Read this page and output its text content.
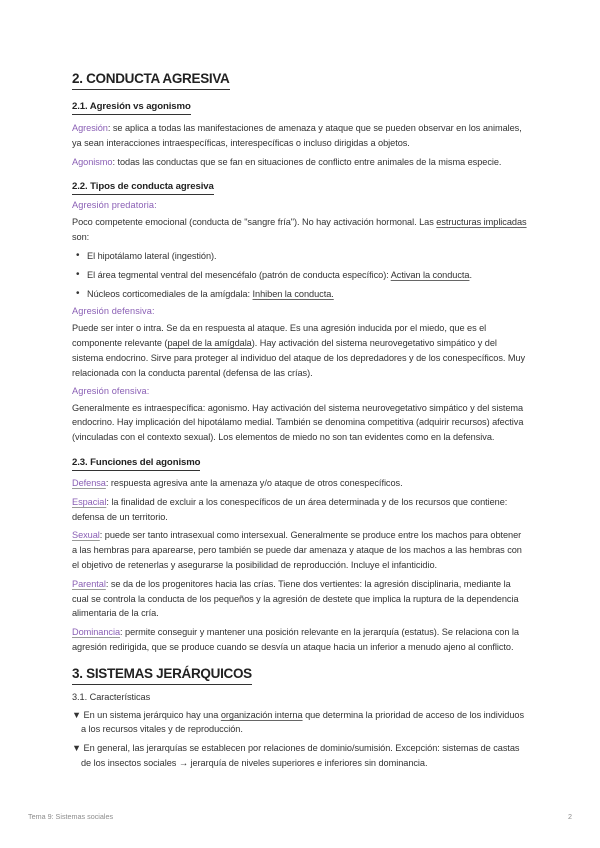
2. CONDUCTA AGRESIVA
2.1. Agresión vs agonismo

Agresión: se aplica a todas las manifestaciones de amenaza y ataque que se pueden observar en los animales, ya sean interacciones intraespecíficas, interespecíficas o incluso dirigidas a objetos.

Agonismo: todas las conductas que se fan en situaciones de conflicto entre animales de la misma especie.

2.2. Tipos de conducta agresiva
Agresión predatoria:

Poco competente emocional (conducta de "sangre fría"). No hay activación hormonal. Las estructuras implicadas son:

• El hipotálamo lateral (ingestión).
• El área tegmental ventral del mesencéfalo (patrón de conducta específico): Activan la conducta.
• Núcleos corticomediales de la amígdala: Inhiben la conducta.
Agresión defensiva:

Puede ser inter o intra. Se da en respuesta al ataque. Es una agresión inducida por el miedo, que es el componente relevante (papel de la amígdala). Hay activación del sistema neurovegetativo simpático y del sistema endocrino. Sirve para proteger al individuo del ataque de los depredadores y de los conespecíficos. Muy relacionada con la conducta parental (defensa de las crías).

Agresión ofensiva:

Generalmente es intraespecífica: agonismo. Hay activación del sistema neurovegetativo simpático y del sistema endocrino. Hay implicación del hipotálamo medial. También se denomina competitiva (adquirir recursos) afectiva (vinculadas con el contexto sexual). Los elementos de miedo no son tan evidentes como en la defensiva.

2.3. Funciones del agonismo

Defensa: respuesta agresiva ante la amenaza y/o ataque de otros conespecíficos.

Espacial: la finalidad de excluir a los conespecíficos de un área determinada y de los recursos que contiene: defensa de un territorio.

Sexual: puede ser tanto intrasexual como intersexual. Generalmente se produce entre los machos para obtener a las hembras para aparearse, pero también se puede dar amenaza y ataque de los machos a las hembras con el objetivo de retenerlas y asegurarse la posibilidad de reproducción. Incluye el infanticidio.

Parental: se da de los progenitores hacia las crías. Tiene dos vertientes: la agresión disciplinaria, mediante la cual se controla la conducta de los pequeños y la agresión de destete que implica la ruptura de la dependencia alimentaria de la cría.

Dominancia: permite conseguir y mantener una posición relevante en la jerarquía (estatus). Se relaciona con la agresión redirigida, que se produce cuando se desvía un ataque hacia un inferior a menudo ajeno al conflicto.

3. SISTEMAS JERÁRQUICOS

3.1. Características

▼ En un sistema jerárquico hay una organización interna que determina la prioridad de acceso de los individuos a los recursos vitales y de reproducción.

▼ En general, las jerarquías se establecen por relaciones de dominio/sumisión. Excepción: sistemas de castas de los insectos sociales → jerarquía de niveles superiores e inferiores sin dominancia.

Tema 9: Sistemas sociales	2
